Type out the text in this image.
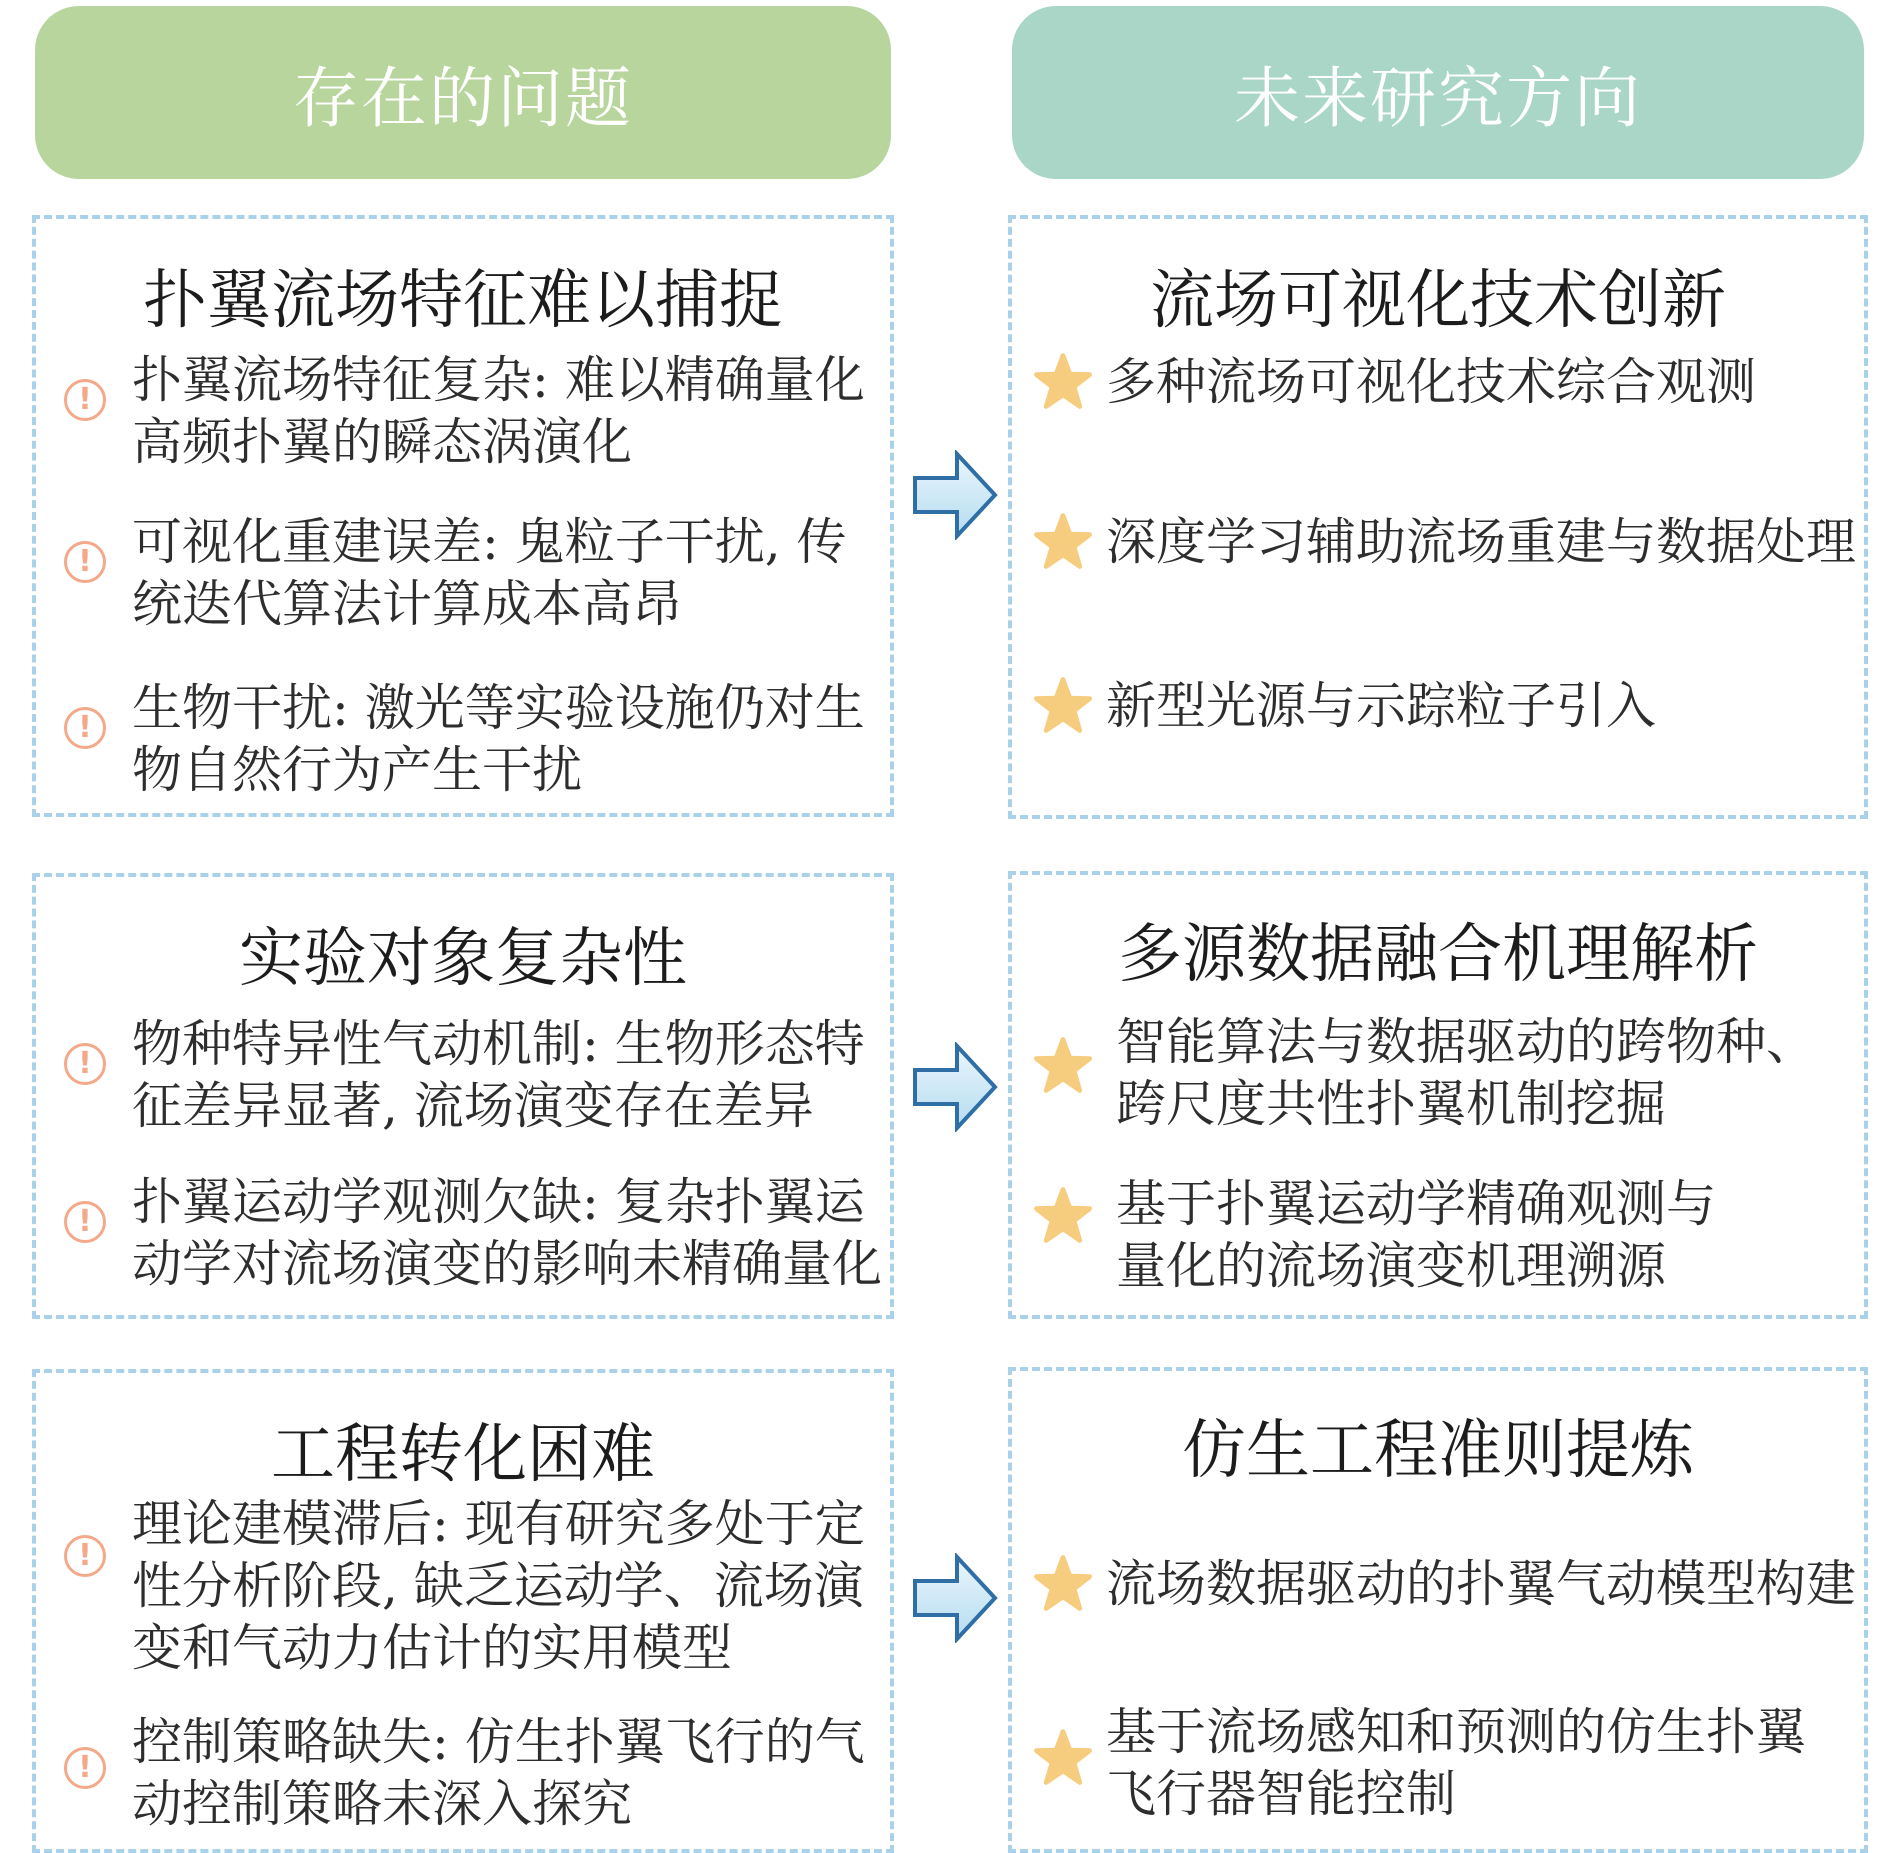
存在的问题	未来研究方向
扑翼流场特征难以捕捉
! 扑翼流场特征复杂: 难以精确量化
高频扑翼的瞬态涡演化
! 可视化重建误差: 鬼粒子干扰, 传
统迭代算法计算成本高昂
! 生物干扰: 激光等实验设施仍对生
物自然行为产生干扰
流场可视化技术创新
多种流场可视化技术综合观测
深度学习辅助流场重建与数据处理
新型光源与示踪粒子引入
实验对象复杂性
! 物种特异性气动机制: 生物形态特
征差异显著, 流场演变存在差异
! 扑翼运动学观测欠缺: 复杂扑翼运
动学对流场演变的影响未精确量化
多源数据融合机理解析
智能算法与数据驱动的跨物种、
跨尺度共性扑翼机制挖掘
基于扑翼运动学精确观测与
量化的流场演变机理溯源
工程转化困难
!
理论建模滞后: 现有研究多处于定
性分析阶段, 缺乏运动学、流场演
变和气动力估计的实用模型
! 控制策略缺失: 仿生扑翼飞行的气
动控制策略未深入探究
仿生工程准则提炼
流场数据驱动的扑翼气动模型构建
基于流场感知和预测的仿生扑翼
飞行器智能控制
